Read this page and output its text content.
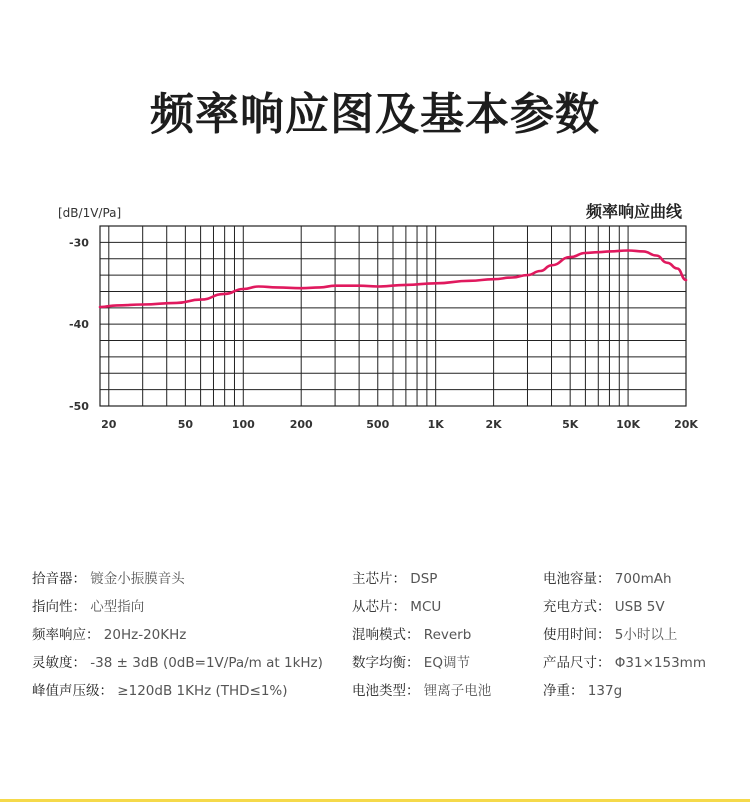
频率响应图及基本参数
[dB/1V/Pa]	频率响应曲线
-30
-40
-50
20	50	100	200	500	1K	2K	5K	10K	20K
拾音器： 镀金小振膜音头
指向性： 心型指向
频率响应： 20Hz-20KHz
灵敏度： -38 ± 3dB (0dB=1V/Pa/m at 1kHz)
峰值声压级： ≥120dB 1KHz (THD≤1%)
主芯片： DSP
从芯片： MCU
混响模式： Reverb
数字均衡： EQ调节
电池类型： 锂离子电池
电池容量： 700mAh
充电方式： USB 5V
使用时间： 5小时以上
产品尺寸： Φ31×153mm
净重： 137g
